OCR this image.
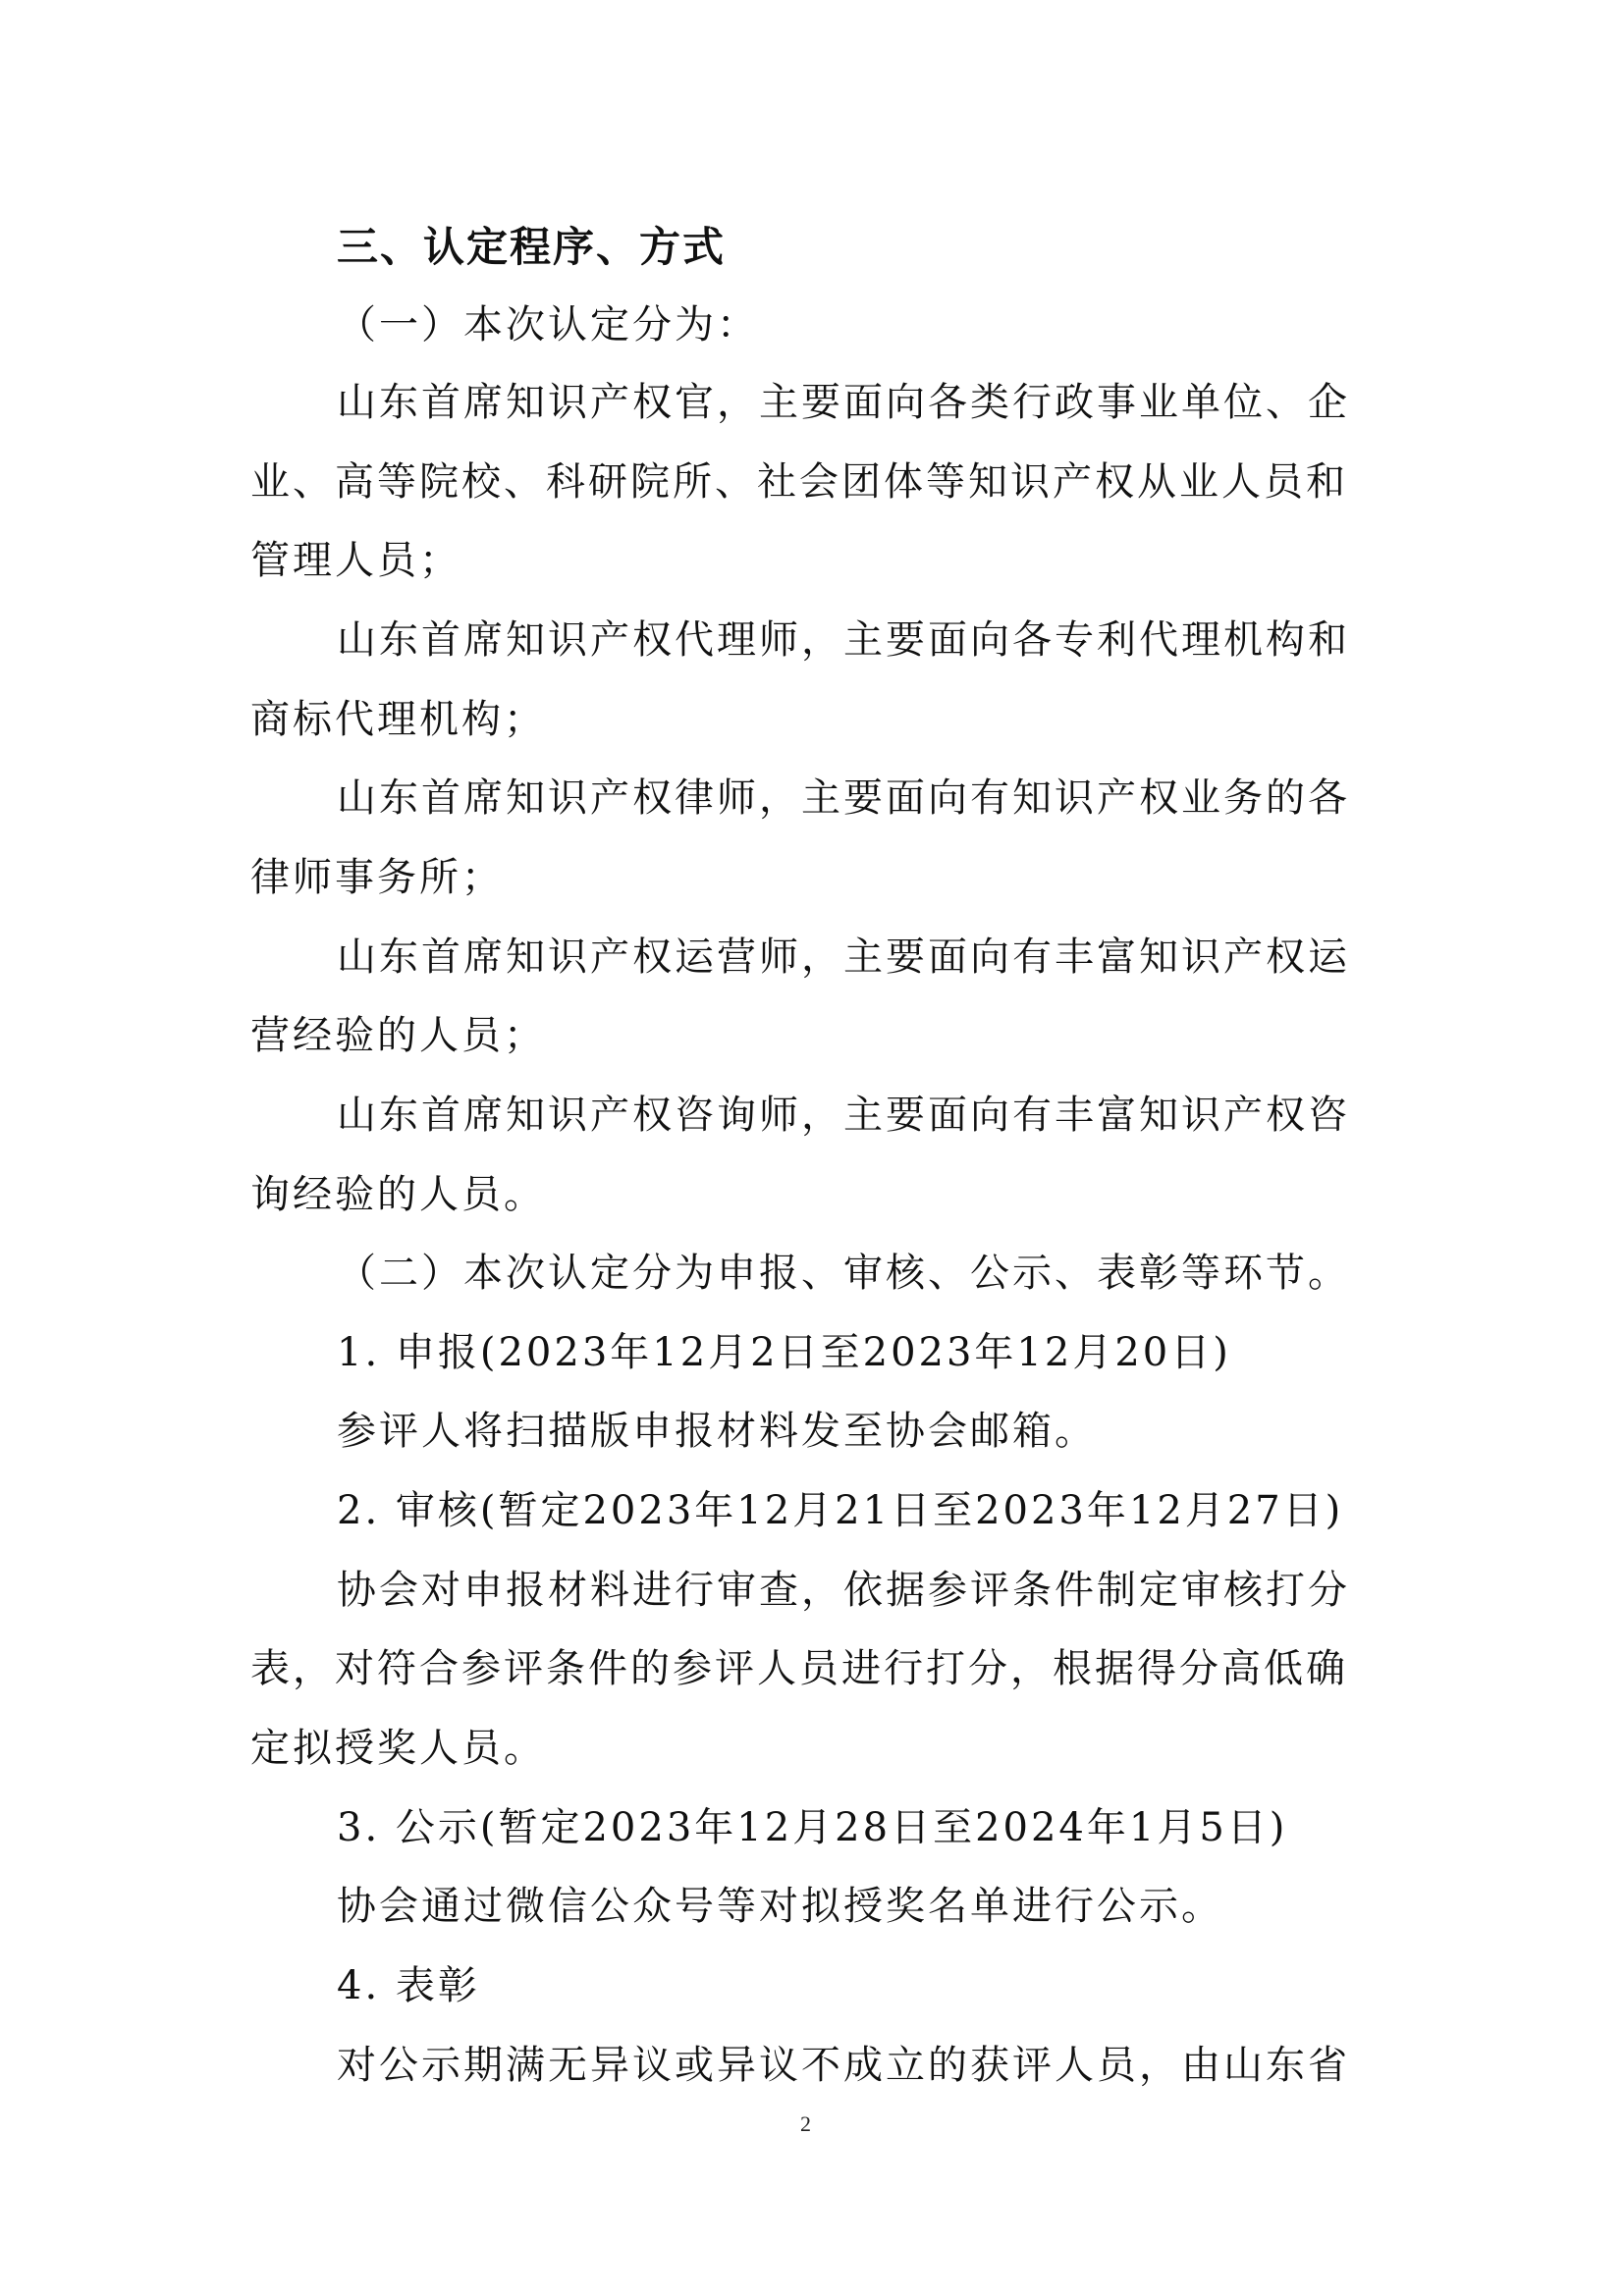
三、认定程序、方式
（一）本次认定分为：
山东首席知识产权官，主要面向各类行政事业单位、企
业、高等院校、科研院所、社会团体等知识产权从业人员和
管理人员；
山东首席知识产权代理师，主要面向各专利代理机构和
商标代理机构；
山东首席知识产权律师，主要面向有知识产权业务的各
律师事务所；
山东首席知识产权运营师，主要面向有丰富知识产权运
营经验的人员；
山东首席知识产权咨询师，主要面向有丰富知识产权咨
询经验的人员。
（二）本次认定分为申报、审核、公示、表彰等环节。
1. 申报(2023年12月2日至2023年12月20日)
参评人将扫描版申报材料发至协会邮箱。
2. 审核(暂定2023年12月21日至2023年12月27日)
协会对申报材料进行审查，依据参评条件制定审核打分
表，对符合参评条件的参评人员进行打分，根据得分高低确
定拟授奖人员。
3. 公示(暂定2023年12月28日至2024年1月5日)
协会通过微信公众号等对拟授奖名单进行公示。
4. 表彰
对公示期满无异议或异议不成立的获评人员，由山东省
2
